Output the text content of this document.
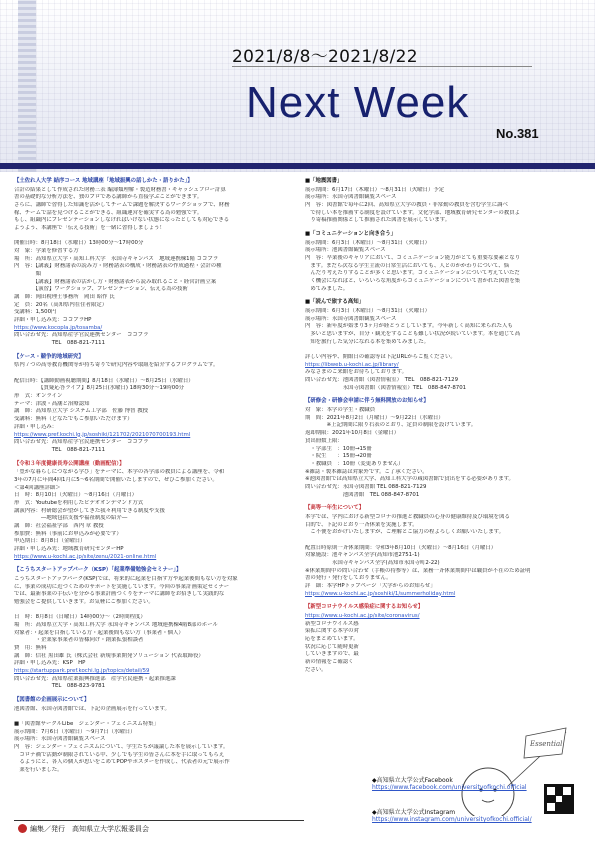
2021/8/8～2021/8/22
Next Week
No.381
【土佐れ人大学 結序コース 地域講座「地域振興の話しかた・語りかた」】
合計の結果として作成された財務三表 編簿類理解・製造財務書・キャッシュフロー計算
書の基礎的な分析方法を、独のプロである講師から直接学ぶことができます。
さらに、講師で習得した知識を活かしてチームで課題を解決するワークショップで、財務
稼、チームで話を見つけることができる、組織運営を確実する為の勉強です。
もし、組織内にプレゼンテーションしなければいけない状態になったとしても対応できる
ようよう、本講座で「伝える技術」を一緒に習得しましょう！

開催日時：8月18日（水曜日）13時00分～17時00分
対　象：学業を修習する方
場　所：高知県立大学・高知工科大学　永国寺キャンパス　地域連携棟1階 ココプラ
内　容：【講義】財務諸表の読み方・財務諸表の構成・財務諸表の作成過程・会計の種
　　　　類
　　　　【講義】財務諸表の活かし方・財務諸表から読み取れること・経営計画立案
　　　　【演習】ワークショップ、プレゼンテーション、伝える為の技術
講　師：岡田税理士事務所　岡田 昭作 氏
定　員：20名（高知県内在住者限定）
受講料：1,500円
詳細・申し込み先：ココプラHP
https://www.kocopla.jp/tosamba/
問い合わせ先：高知県産学官民連携センター　ココプラ
　　　　　　　TEL　088-821-7111
【ケース・競争的地域研究】
県内７つの高等教育機関等が持ち寄りで研究内容や取組を紹介するプログラムです。

配信日時：【講師動画視聴期間】8月18日（水曜日）～8月25日（水曜日）
　　　　　【質疑応答ライブ】8月25日(水曜日) 18時30分～19時00分
形　式：オンライン
テーマ：津波・高潮と治療認知
講　師：高知県立大学 システム工学部　佐藤 博智 教授
受講料：無料（どなたでもご参加いただけます）
詳細・申し込み：
https://www.pref.kochi.lg.jp/soshiki/121702/2021070700193.html
問い合わせ先：高知県産学官民連携センター　ココプラ
　　　　　　　TEL　088-821-7111
【令和３年度健康長寿公開講座（動画配信）】
「豊かな暮らしにつながる学び」をテーマに、本学の各学部の教員による講座を、令和
3年の7月に年間4回1月に5～6名期間で開催いたしますので、ぜひご参加ください。
＜第4回講座詳細＞
日　時：8月10日（火曜日）～8月16日（月曜日）
形　式：Youtubeを利用したビデオオンデマンド方式
講演内容：村研総会が望がしてきた我々利用できる制度や支援
　　　　　―地域包括支援や福祉制度の紹介―
講　師：社会福祉学部　西内 章 教授
参加費：無料（事前にお申込みが必要です）
申込期日：8月8日（金曜日）
詳細・申し込み先：地域教育研究センターHP
https://www.u-kochi.ac.jp/site/zenu/2021-online.html
【こうちスタートアップパーク（KSP）「起業準備勉強会セミナー」】
こうちスタートアップパーク(KSP)では、将来的に起業を目指す方や起業後間もない方を対象
に、事業の成功に近づくためのサポートを実施しています。今回の事業計画策定セミナー
では、最新事業の手伝いを分かる事業計画つくりをテーマに講師をお招きして実践的な
勉強会をご提供していきます。お気軽にご参加ください。

日　時：8月8日（日曜日）14時00分～（2時間程度）
場　所：高知県立大学・高知工科大学 永国寺キャンパス 地域連携棟4階8部のホール
対象者：・起業を目指している方・起業後間もない方（事業者・個人）
　　　　・企業家事業者の皆様向け・創業拡張相談者
費　用：無料
講　師：信社 黒田雄 氏（株式会社 新規事業開発ソリューション 代表取締役）
詳細・申し込み先：KSP　HP
https://startuppark.pref.kochi.lg.jp/topics/detail/59
問い合わせ先：高知県産業振興推進部　産学官民連携・起業推進課
　　　　　　　TEL　088-823-9781
【図書館の企画展示について】
池図書館、永国寺図書館では、下記の企画展示を行っています。

■「図書館サークルLibe　ジェンダー・フェミニズム特集」
展示期間：7月6日（水曜日）～9月7日（水曜日）
展示場所：永国寺図書館観覧スペース
内　容：ジェンダー・フェミニズムについて、学生たちが議論した本を展示しています。
　コロナ禍で活動が制限されている中、少しでも学生の皆さんに本を手に取ってもらえ
　るようにと、各人の個人が思いをこめてPOPやポスターを作成し、代表者の元で展示作
　業を行いました。
■「地震図書」
展示期間：6月17日（木曜日）～8月31日（火曜日）予定
展示場所：永国寺図書館観覧スペース
内　容：図書館で毎年に2回、高知県立大学の教員・非常勤の教員を含む学生に調べ
　で持しい本を推薦する制度を設けています。文化学部、地域教育研究センターの教員よ
　り寄稿推薦関係として推薦された図書を展示しています。
■「コミュニケーションと向き合う」
展示期間：6月3日（木曜日）～8月31日（火曜日）
展示場所：池図書館観覧スペース
内　容：卒業後のキャリアにおいて、コミュニケーション能力がとても重要な要素となり
　ます。まだら次なる学生主流の日常生活においても、人とのかかわりについて、悩
　んだり考えたりすることが多くと思います。コミュニケーションについて考えていただ
　く機会になればと、いろいろな角度からコミュニケーションについて書かれた図書を集
　めてみました。
■「読んで旅する高知」
展示期間：6月3日（木曜日）～8月31日（火曜日）
展示場所：永国寺図書館観覧スペース
内　容：新年度が始まり3ヶ月が経とうとしています。今年新しく高知に来られた人も
　多いと思いますが、自分・観光をすることも難しい状況が続いています。本を通じて高
　知を旅行した気分になれる本を集めてみました。

詳しい内容や、開館日の確認等は下記URLからご覧ください。
https://libweb.u-kochi.ac.jp/library/
みなさまのご来館をお待ちしております。
問い合わせ先：池図書館（図書情報室）　TEL　088-821-7129
　　　　　　　永国寺図書館（図書情報室）TEL　088-847-8701
【研修会・研修会申請に伴う無料開放のお知らせ】
対　象：本学の学生・教職員
期　間：2021年8月2日（月曜日）～9月22日（水曜日）
　　　　※上記期間に限り右表のとおり、定員の制限を設けています。
返却期限：2021年10月8日（金曜日）
貸出冊数上限：
　・学部生　：10冊→15冊
　・院生　　：15冊→20冊
　・教職員　：10冊（変更ありません）
※雑誌・製本雑誌は対象外です。ご了承ください。
※池図書館では高知県立大学、高知工科大学の蔵図書館で貸出をする必要があります。
問い合わせ先：永国寺図書館 TEL 088-821-7129
　　　　　　　池図書館　TEL 088-847-8701
【高等一年生について】
本学では、学内における新型コロナの推進と教職員の心身の健康維持及び環境を図る
目的で、下記のとおり一斉休業を実施します。
　ご不便をおかけいたしますが、ご理解とご協力の程よろしくお願いいたします。

配置日時原則一斉休業期間：令和3年8月10日（火曜日）～8月16日（月曜日）
対象施設：池キャンパス全学(高知市池2751-1)
　　　　　永国寺キャンパス全学(高知市永国寺町2-22)
※休業期間中の問い合わせ（手帳の持参等）は、業務一斉休業期間中は職員が不在のため証明
書の発行・発行をしておりません。
詳　細：本学HPトップページ「大学からのお知らせ」
https://www.u-kochi.ac.jp/soshiki/1/summerholiday.html
【新型コロナウイルス感染症に関するお知らせ】
https://www.u-kochi.ac.jp/site/coronavirus/
新型コロナウイルス感
染拡に関する本学の対
応をまとめています。
状況に応じて随時更新
していきますので、最
新の情報をご確認く
ださい。
Essential
◆高知県立大学公式Facebook
https://www.facebook.com/universityofkochi.official
◆高知県立大学公式Instagram
https://www.instagram.com/universityofkochi.official/
編集／発行　高知県立大学広報委員会
